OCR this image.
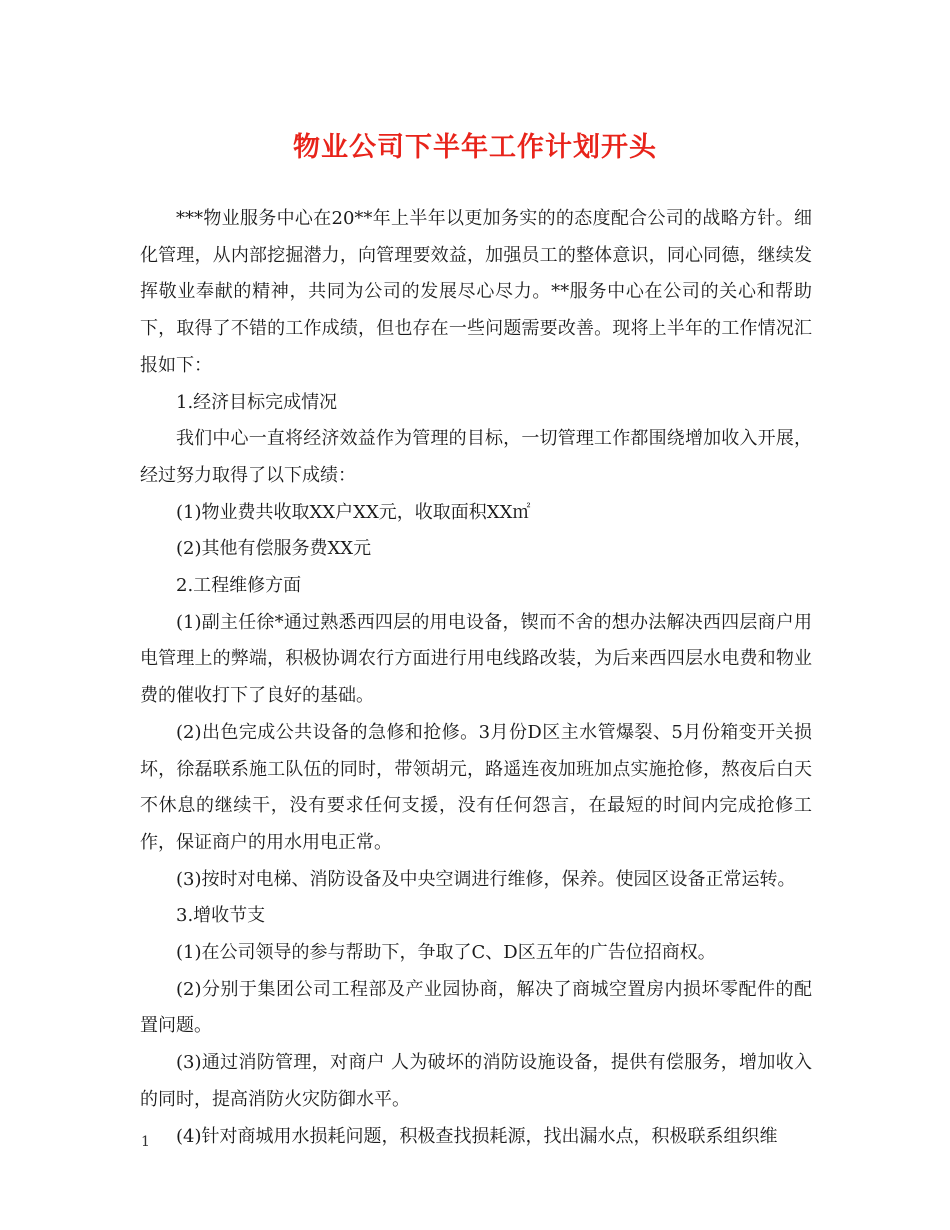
物业公司下半年工作计划开头

***物业服务中心在20**年上半年以更加务实的的态度配合公司的战略方针。细化管理，从内部挖掘潜力，向管理要效益，加强员工的整体意识，同心同德，继续发挥敬业奉献的精神，共同为公司的发展尽心尽力。**服务中心在公司的关心和帮助下，取得了不错的工作成绩，但也存在一些问题需要改善。现将上半年的工作情况汇报如下：

1.经济目标完成情况

我们中心一直将经济效益作为管理的目标，一切管理工作都围绕增加收入开展，经过努力取得了以下成绩：

(1)物业费共收取XX户XX元，收取面积XX㎡

(2)其他有偿服务费XX元

2.工程维修方面

(1)副主任徐*通过熟悉西四层的用电设备，锲而不舍的想办法解决西四层商户用电管理上的弊端，积极协调农行方面进行用电线路改装，为后来西四层水电费和物业费的催收打下了良好的基础。

(2)出色完成公共设备的急修和抢修。3月份D区主水管爆裂、5月份箱变开关损坏，徐磊联系施工队伍的同时，带领胡元，路遥连夜加班加点实施抢修，熬夜后白天不休息的继续干，没有要求任何支援，没有任何怨言，在最短的时间内完成抢修工作，保证商户的用水用电正常。

(3)按时对电梯、消防设备及中央空调进行维修，保养。使园区设备正常运转。

3.增收节支

(1)在公司领导的参与帮助下，争取了C、D区五年的广告位招商权。

(2)分别于集团公司工程部及产业园协商，解决了商城空置房内损坏零配件的配置问题。

(3)通过消防管理，对商户 人为破坏的消防设施设备，提供有偿服务，增加收入的同时，提高消防火灾防御水平。

(4)针对商城用水损耗问题，积极查找损耗源，找出漏水点，积极联系组织维

1
